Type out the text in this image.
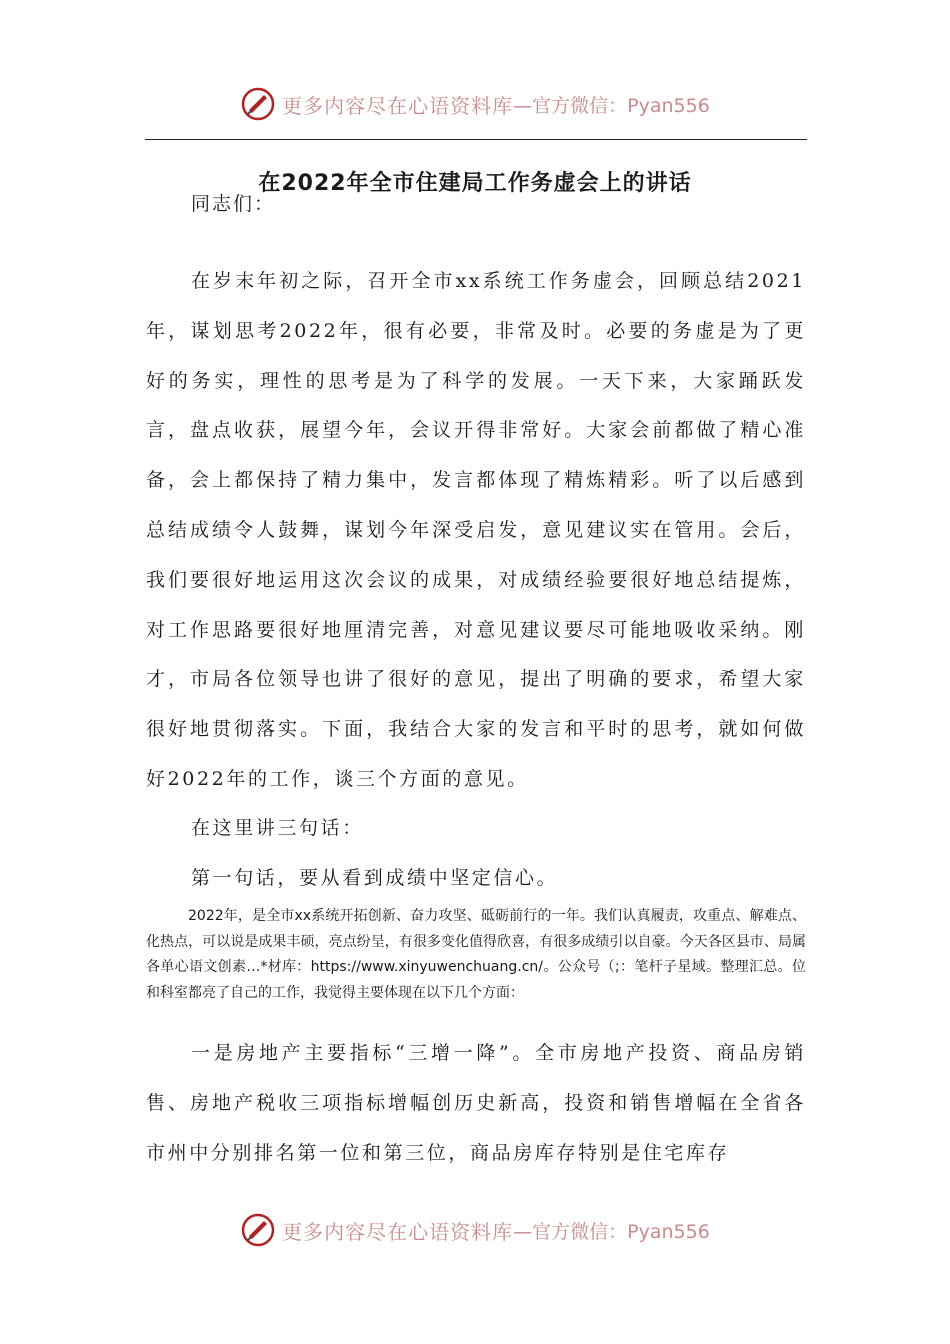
更多内容尽在心语资料库 —官方微信：Pyan556
在2022年全市住建局工作务虚会上的讲话
同志们：

在岁末年初之际，召开全市xx系统工作务虚会，回顾总结2021年，谋划思考2022年，很有必要，非常及时。必要的务虚是为了更好的务实，理性的思考是为了科学的发展。一天下来，大家踊跃发言，盘点收获，展望今年，会议开得非常好。大家会前都做了精心准备，会上都保持了精力集中，发言都体现了精炼精彩。听了以后感到总结成绩令人鼓舞，谋划今年深受启发，意见建议实在管用。会后，我们要很好地运用这次会议的成果，对成绩经验要很好地总结提炼，对工作思路要很好地厘清完善，对意见建议要尽可能地吸收采纳。刚才，市局各位领导也讲了很好的意见，提出了明确的要求，希望大家很好地贯彻落实。下面，我结合大家的发言和平时的思考，就如何做好2022年的工作，谈三个方面的意见。

在这里讲三句话：

第一句话，要从看到成绩中坚定信心。

2022年，是全市xx系统开拓创新、奋力攻坚、砥砺前行的一年。我们认真履责，攻重点、解难点、化热点，可以说是成果丰硕，亮点纷呈，有很多变化值得欣喜，有很多成绩引以自豪。今天各区县市、局属各单心语文创素…*材库：https://www.xinyuwenchuang.cn/。公众号（;：笔杆子星域。整理汇总。位和科室都亮了自己的工作，我觉得主要体现在以下几个方面：

一是房地产主要指标“三增一降”。全市房地产投资、商品房销售、房地产税收三项指标增幅创历史新高，投资和销售增幅在全省各市州中分别排名第一位和第三位，商品房库存特别是住宅库存

更多内容尽在心语资料库 —官方微信：Pyan556
